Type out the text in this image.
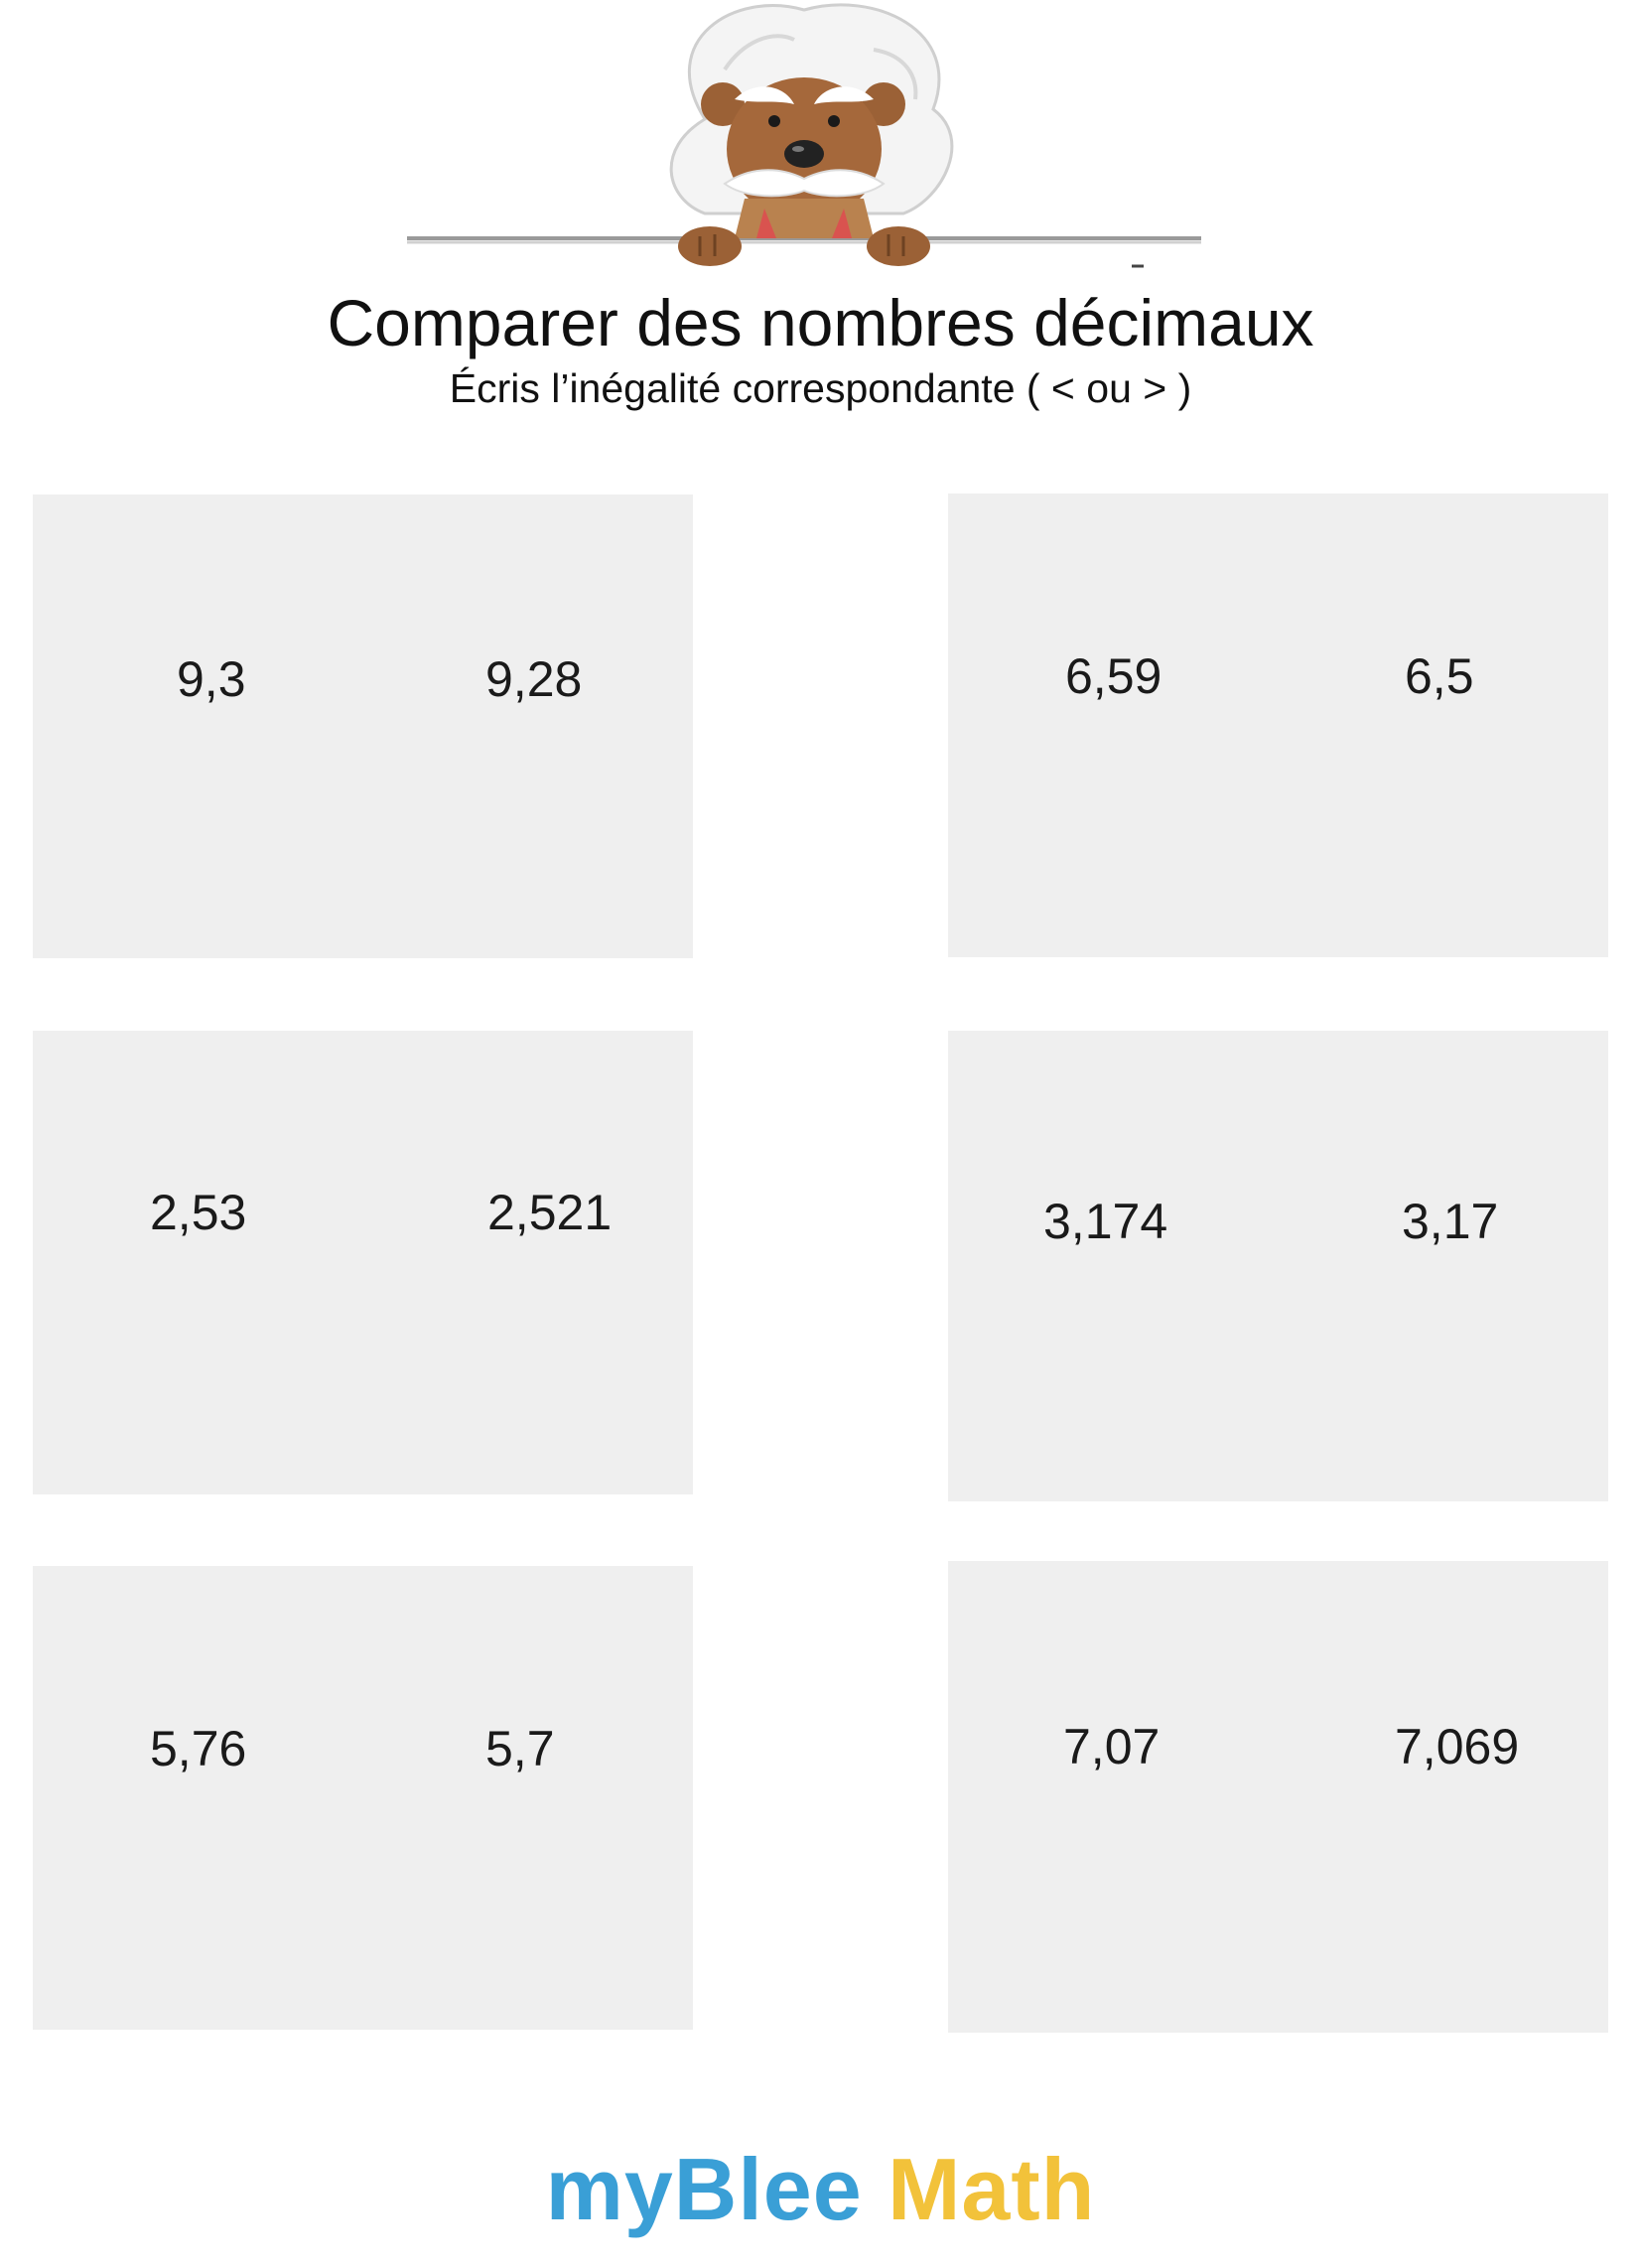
Comparer des nombres décimaux
Écris l’inégalité correspondante ( < ou > )
9,3	9,28	6,59	6,5
2,53	2,521	3,174	3,17
5,76	5,7	7,07	7,069
myBlee Math
